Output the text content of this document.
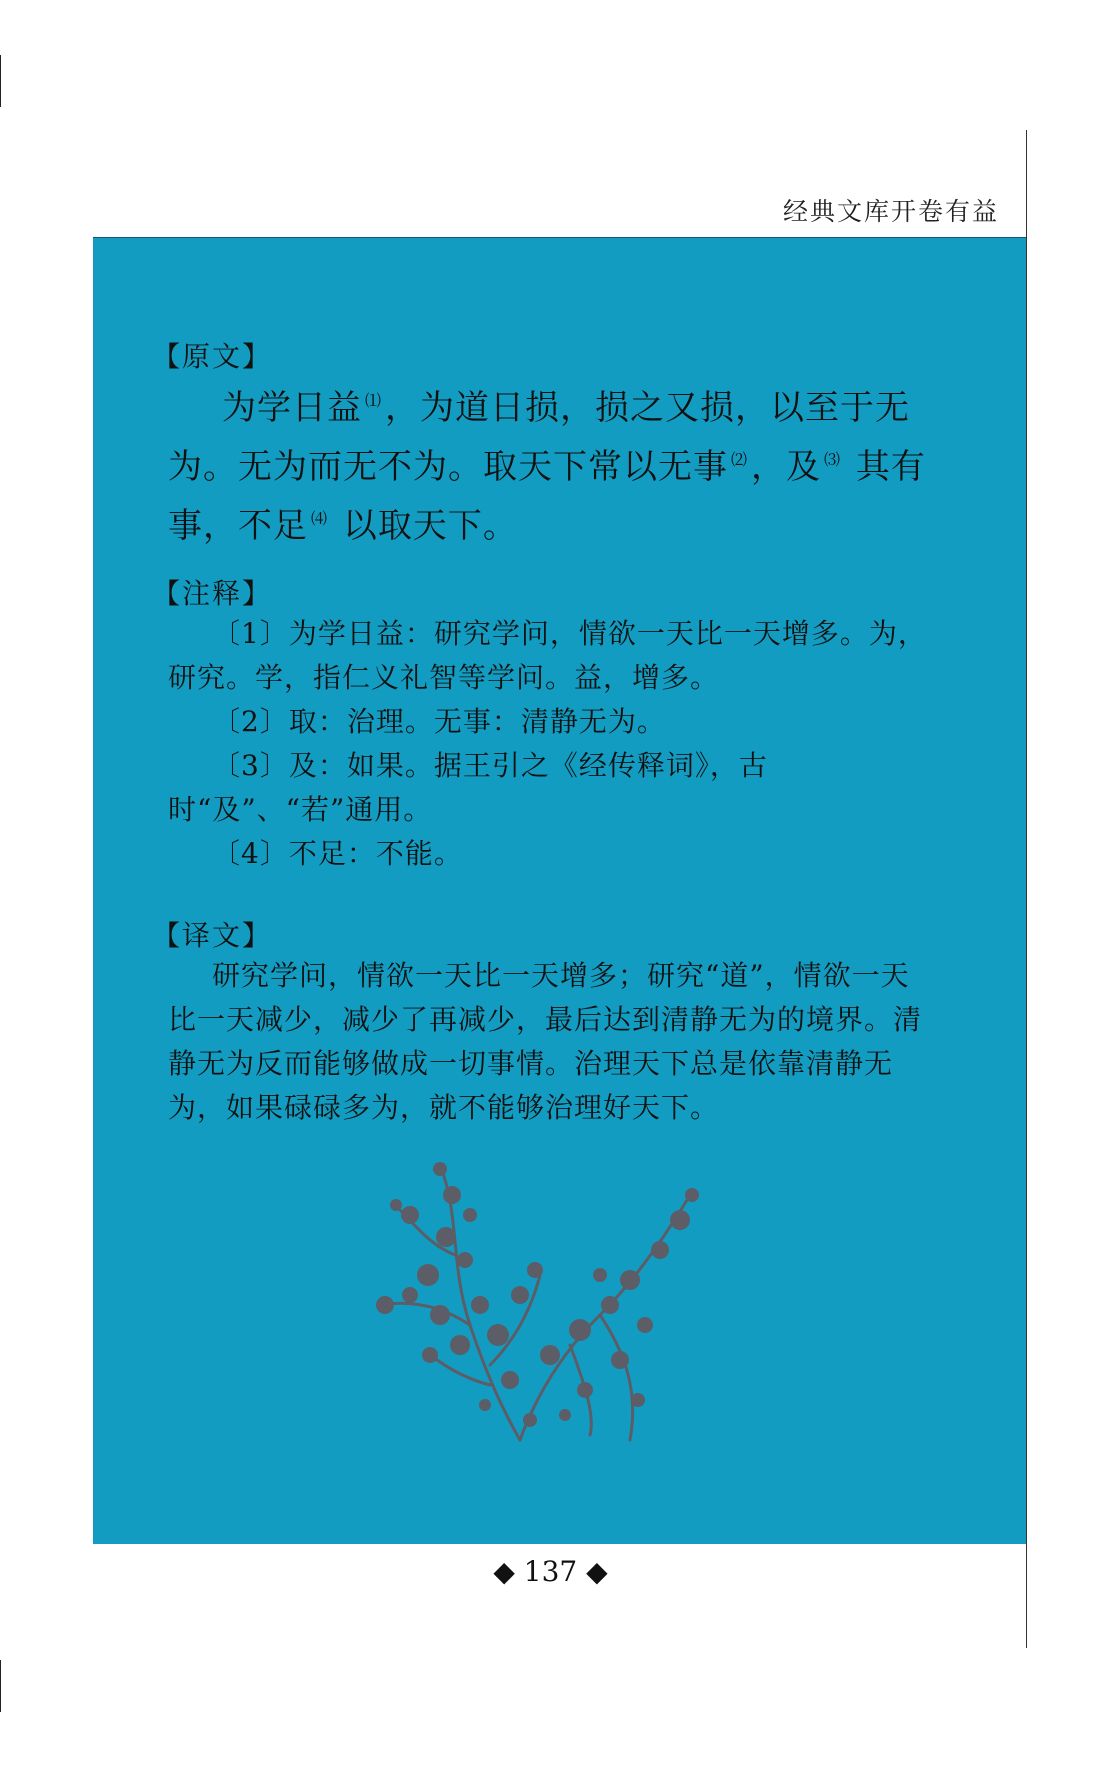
经典文库开卷有益
【原文】

为学日益 ⑴，为道日损，损之又损，以至于无为。无为而无不为。取天下常以无事 ⑵，及 ⑶ 其有事，不足 ⑷ 以取天下。

【注释】

〔1〕为学日益：研究学问，情欲一天比一天增多。为，研究。学，指仁义礼智等学问。益，增多。

〔2〕取：治理。无事：清静无为。

〔3〕及：如果。据王引之《经传释词》，古时“及”、“若”通用。

〔4〕不足：不能。

【译文】

研究学问，情欲一天比一天增多；研究“道”，情欲一天比一天减少，减少了再减少，最后达到清静无为的境界。清静无为反而能够做成一切事情。治理天下总是依靠清静无为，如果碌碌多为，就不能够治理好天下。

◆ 137 ◆
